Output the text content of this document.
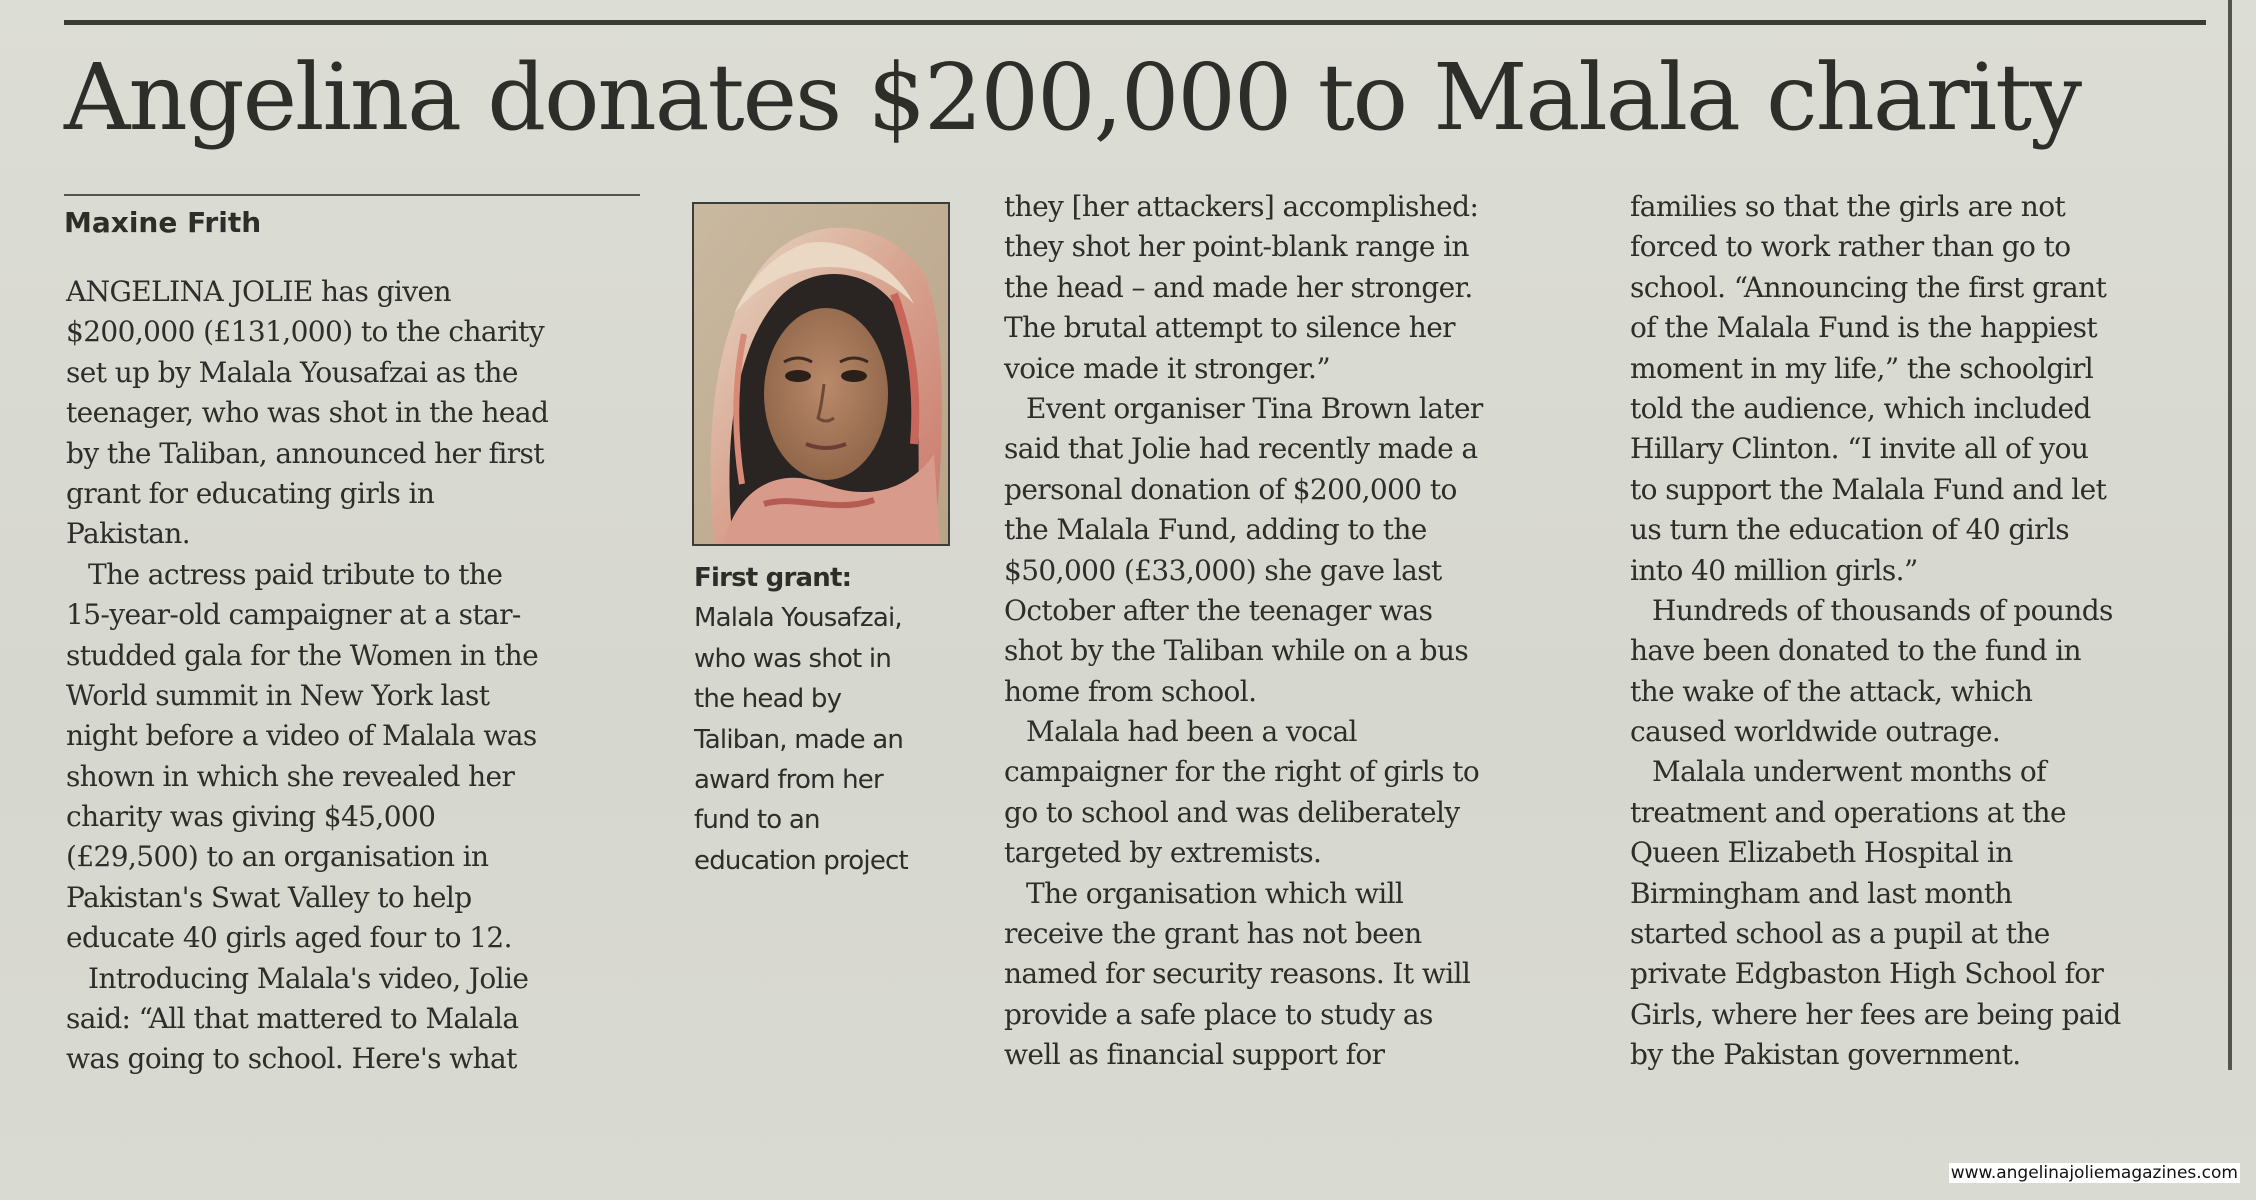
Angelina donates $200,000 to Malala charity
Maxine Frith
ANGELINA JOLIE has given
$200,000 (£131,000) to the charity
set up by Malala Yousafzai as the
teenager, who was shot in the head
by the Taliban, announced her first
grant for educating girls in
Pakistan.
The actress paid tribute to the
15-year-old campaigner at a star-
studded gala for the Women in the
World summit in New York last
night before a video of Malala was
shown in which she revealed her
charity was giving $45,000
(£29,500) to an organisation in
Pakistan's Swat Valley to help
educate 40 girls aged four to 12.
Introducing Malala's video, Jolie
said: “All that mattered to Malala
was going to school. Here's what
First grant:
Malala Yousafzai,
who was shot in
the head by
Taliban, made an
award from her
fund to an
education project
they [her attackers] accomplished:
they shot her point-blank range in
the head – and made her stronger.
The brutal attempt to silence her
voice made it stronger.”
Event organiser Tina Brown later
said that Jolie had recently made a
personal donation of $200,000 to
the Malala Fund, adding to the
$50,000 (£33,000) she gave last
October after the teenager was
shot by the Taliban while on a bus
home from school.
Malala had been a vocal
campaigner for the right of girls to
go to school and was deliberately
targeted by extremists.
The organisation which will
receive the grant has not been
named for security reasons. It will
provide a safe place to study as
well as financial support for
families so that the girls are not
forced to work rather than go to
school. “Announcing the first grant
of the Malala Fund is the happiest
moment in my life,” the schoolgirl
told the audience, which included
Hillary Clinton. “I invite all of you
to support the Malala Fund and let
us turn the education of 40 girls
into 40 million girls.”
Hundreds of thousands of pounds
have been donated to the fund in
the wake of the attack, which
caused worldwide outrage.
Malala underwent months of
treatment and operations at the
Queen Elizabeth Hospital in
Birmingham and last month
started school as a pupil at the
private Edgbaston High School for
Girls, where her fees are being paid
by the Pakistan government.
www.angelinajoliemagazines.com
